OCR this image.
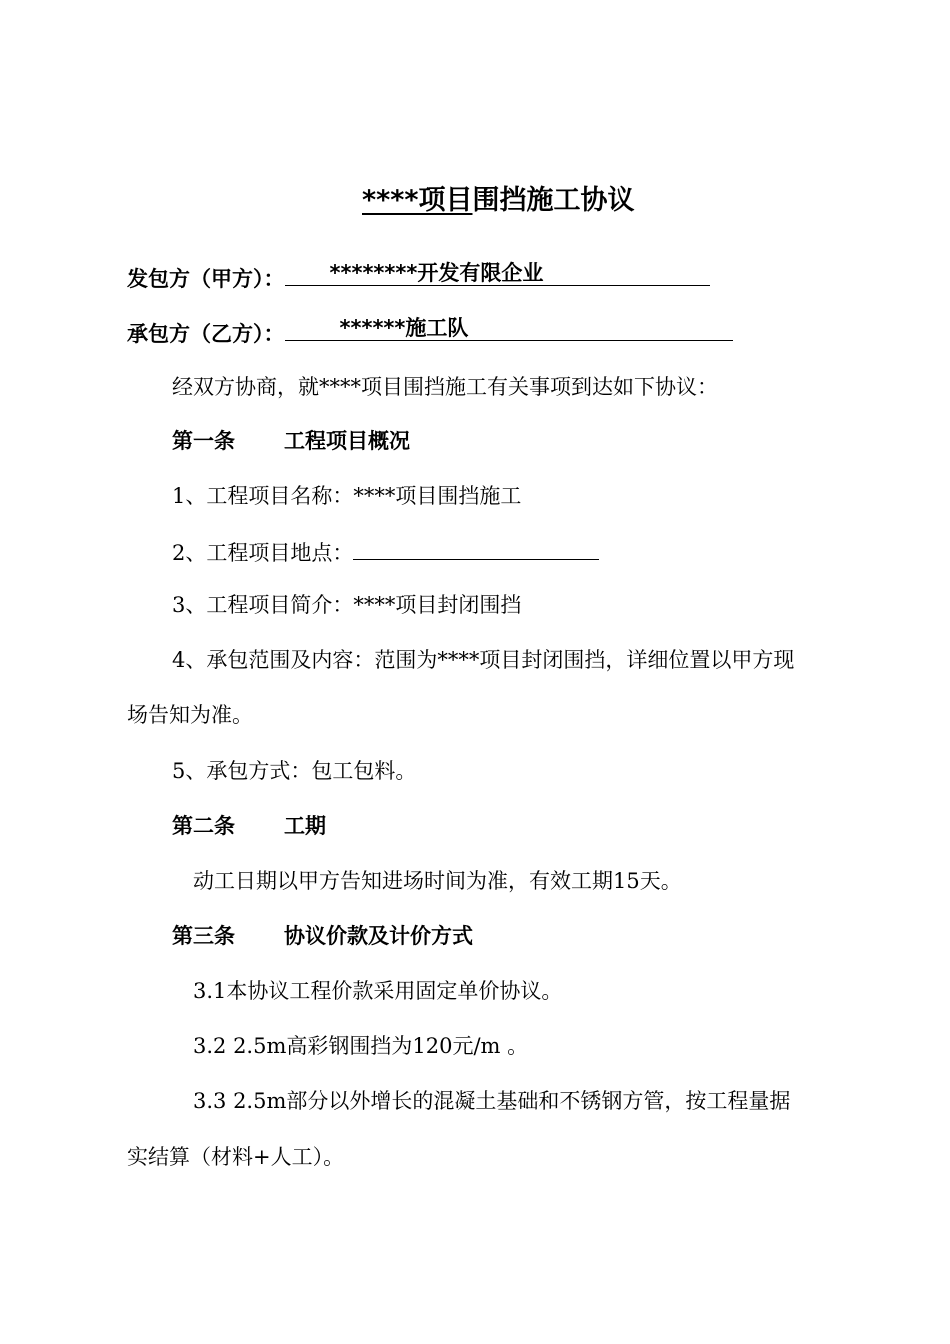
****项目围挡施工协议
发包方（甲方）： ********开发有限企业
承包方（乙方）：	******施工队
经双方协商，就****项目围挡施工有关事项到达如下协议：
第一条 工程项目概况
1、工程项目名称：****项目围挡施工
2、工程项目地点：
3、工程项目简介：****项目封闭围挡
4、承包范围及内容：范围为****项目封闭围挡，详细位置以甲方现
场告知为准。
5、承包方式：包工包料。
第二条 工期
动工日期以甲方告知进场时间为准，有效工期15天。
第三条 协议价款及计价方式
3.1本协议工程价款采用固定单价协议。
3.2 2.5m高彩钢围挡为120元/m 。
3.3 2.5m部分以外增长的混凝土基础和不锈钢方管，按工程量据
实结算（材料+人工）。
